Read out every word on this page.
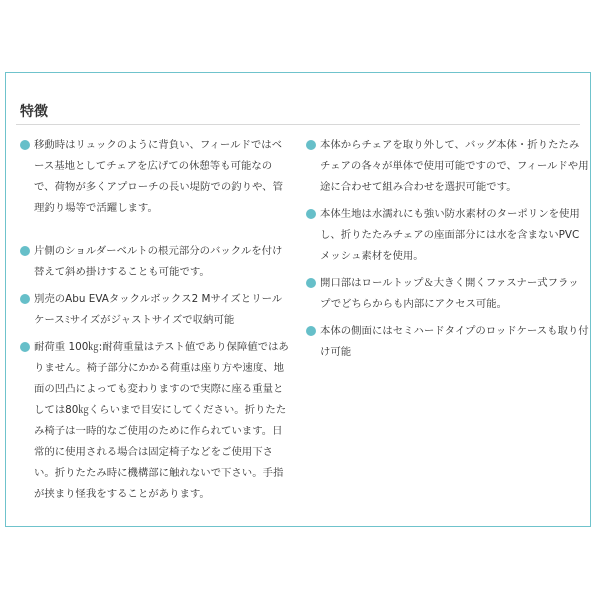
特徴
移動時はリュックのように背負い、フィールドではベース基地としてチェアを広げての休憩等も可能なので、荷物が多くアプローチの長い堤防での釣りや、管理釣り場等で活躍します。
片側のショルダーベルトの根元部分のバックルを付け替えて斜め掛けすることも可能です。
別売のAbu EVAタックルボックス2 Mサイズとリールケースﾐサイズがジャストサイズで収納可能
耐荷重 100㎏:耐荷重量はテスト値であり保障値ではありません。椅子部分にかかる荷重は座り方や速度、地面の凹凸によっても変わりますので実際に座る重量としては80㎏くらいまで目安にしてください。折りたたみ椅子は一時的なご使用のために作られています。日常的に使用される場合は固定椅子などをご使用下さい。折りたたみ時に機構部に触れないで下さい。手指が挟まり怪我をすることがあります。
本体からチェアを取り外して、バッグ本体・折りたたみチェアの各々が単体で使用可能ですので、フィールドや用途に合わせて組み合わせを選択可能です。
本体生地は水濡れにも強い防水素材のターポリンを使用し、折りたたみチェアの座面部分には水を含まないPVCメッシュ素材を使用。
開口部はロールトップ＆大きく開くファスナー式フラップでどちらからも内部にアクセス可能。
本体の側面にはセミハードタイプのロッドケースも取り付け可能
